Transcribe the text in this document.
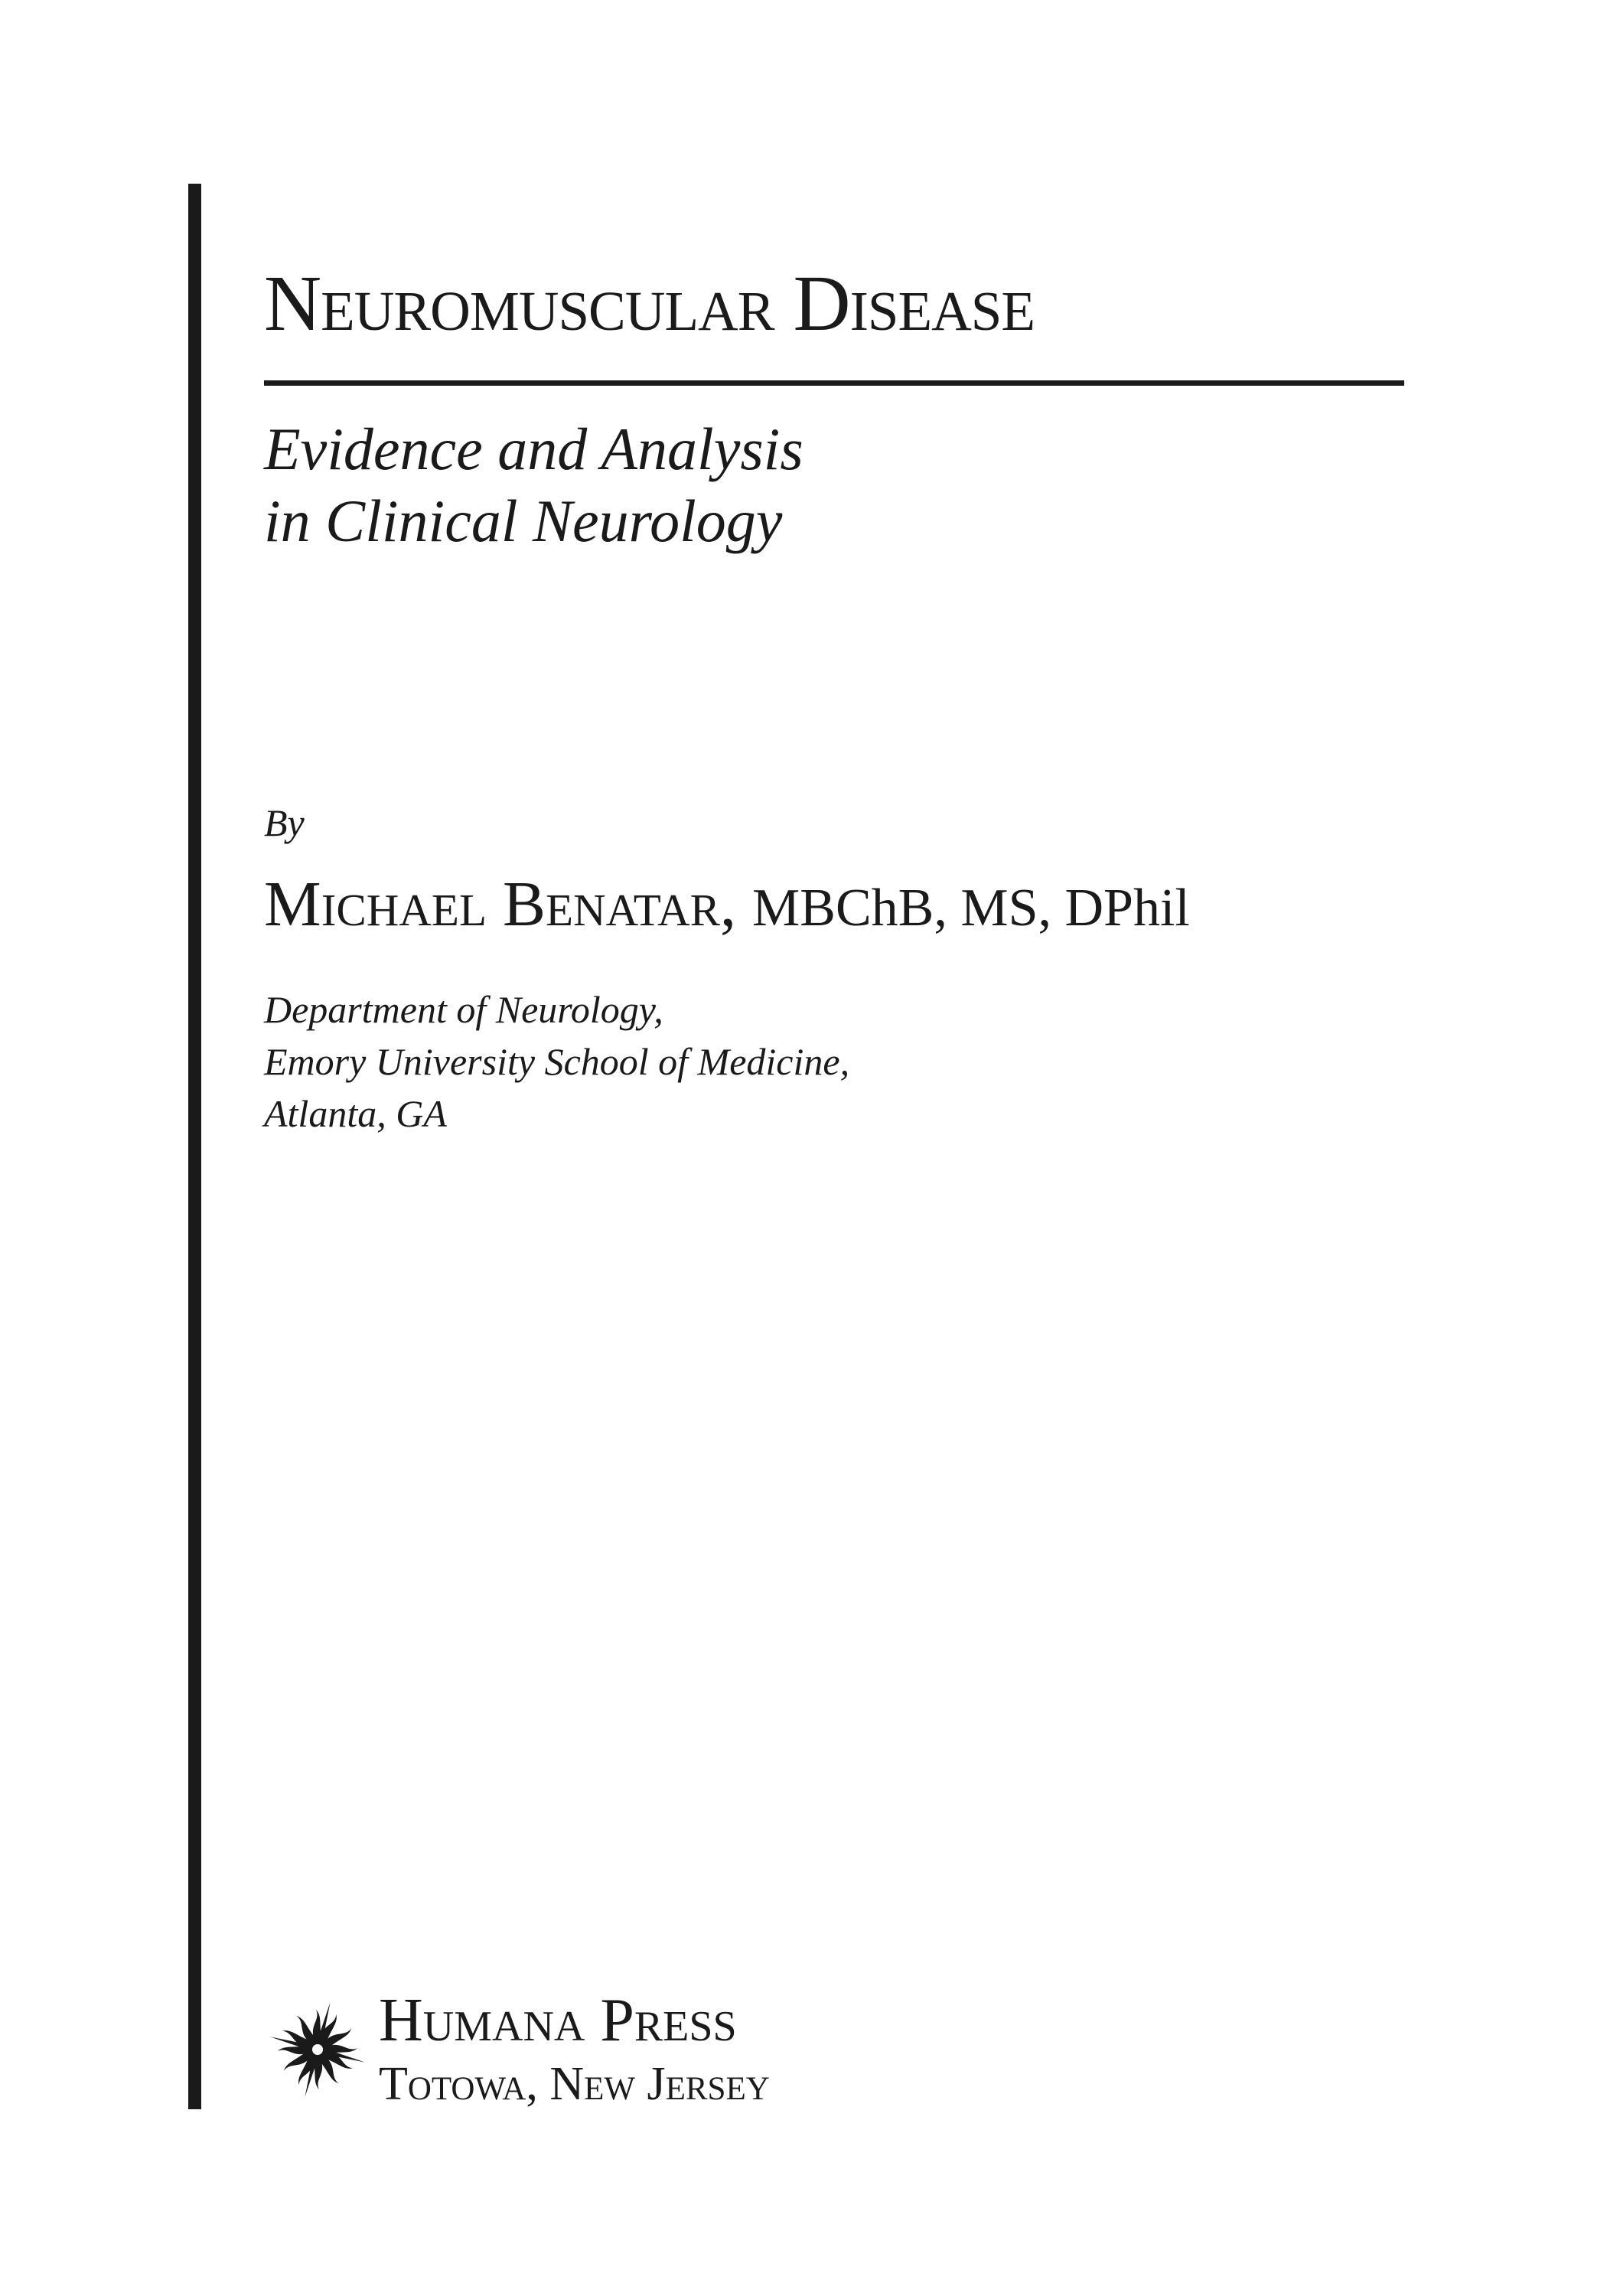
Neuromuscular Disease
Evidence and Analysis
in Clinical Neurology
By
Michael Benatar, MBChB, MS, DPhil
Department of Neurology,
Emory University School of Medicine,
Atlanta, GA
Humana Press
Totowa, New Jersey
